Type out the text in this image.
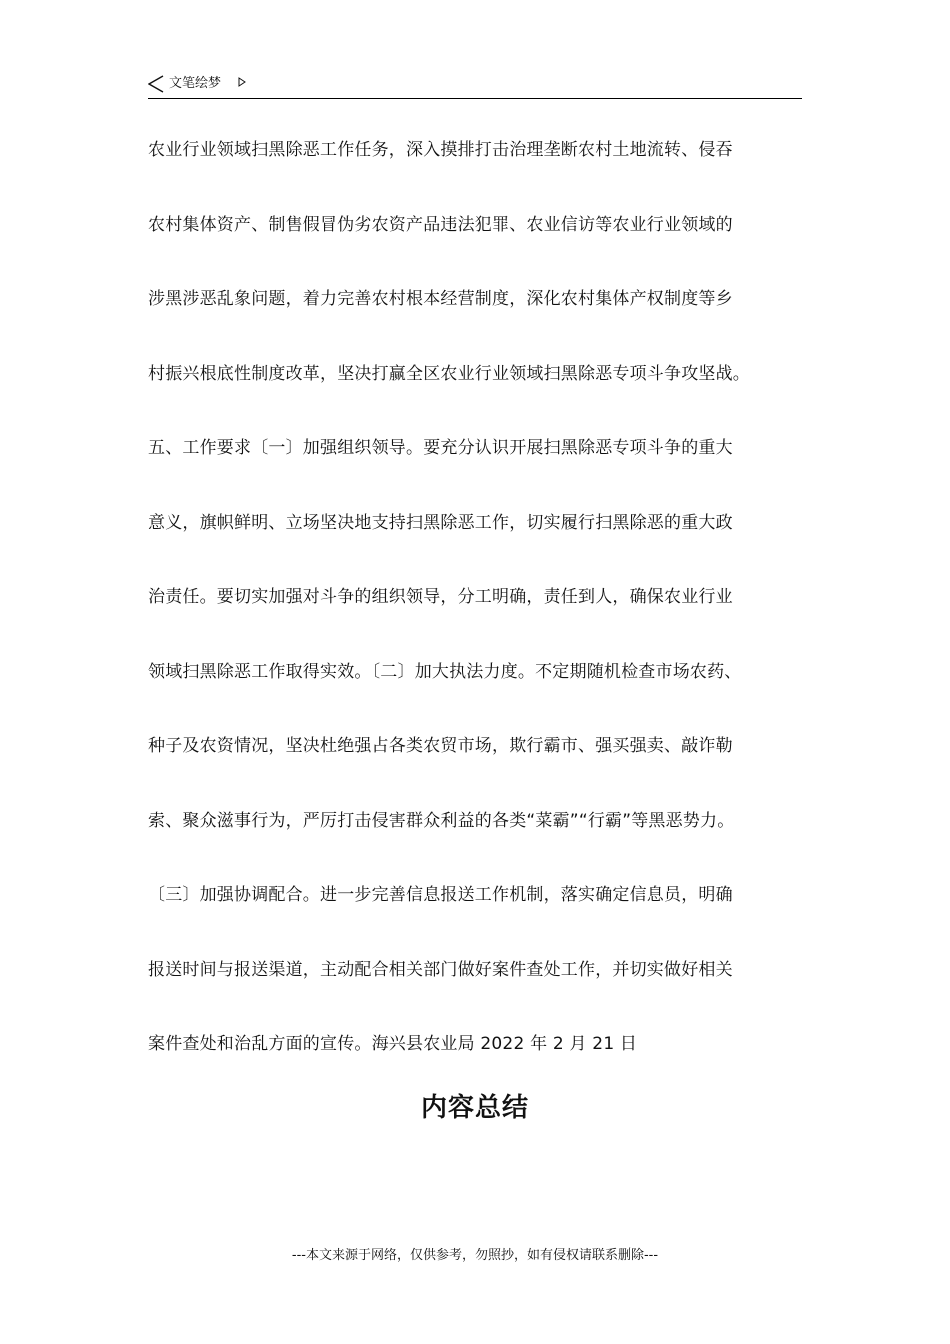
文笔绘梦
农业行业领域扫黑除恶工作任务，深入摸排打击治理垄断农村土地流转、侵吞
农村集体资产、制售假冒伪劣农资产品违法犯罪、农业信访等农业行业领域的
涉黑涉恶乱象问题，着力完善农村根本经营制度，深化农村集体产权制度等乡
村振兴根底性制度改革，坚决打赢全区农业行业领域扫黑除恶专项斗争攻坚战。
五、工作要求〔一〕加强组织领导。要充分认识开展扫黑除恶专项斗争的重大
意义，旗帜鲜明、立场坚决地支持扫黑除恶工作，切实履行扫黑除恶的重大政
治责任。要切实加强对斗争的组织领导，分工明确，责任到人，确保农业行业
领域扫黑除恶工作取得实效。〔二〕加大执法力度。不定期随机检查市场农药、
种子及农资情况，坚决杜绝强占各类农贸市场，欺行霸市、强买强卖、敲诈勒
索、聚众滋事行为，严厉打击侵害群众利益的各类“菜霸”“行霸”等黑恶势力。
〔三〕加强协调配合。进一步完善信息报送工作机制，落实确定信息员，明确
报送时间与报送渠道，主动配合相关部门做好案件查处工作，并切实做好相关
案件查处和治乱方面的宣传。海兴县农业局 2022 年 2 月 21 日
内容总结
---本文来源于网络，仅供参考，勿照抄，如有侵权请联系删除---
